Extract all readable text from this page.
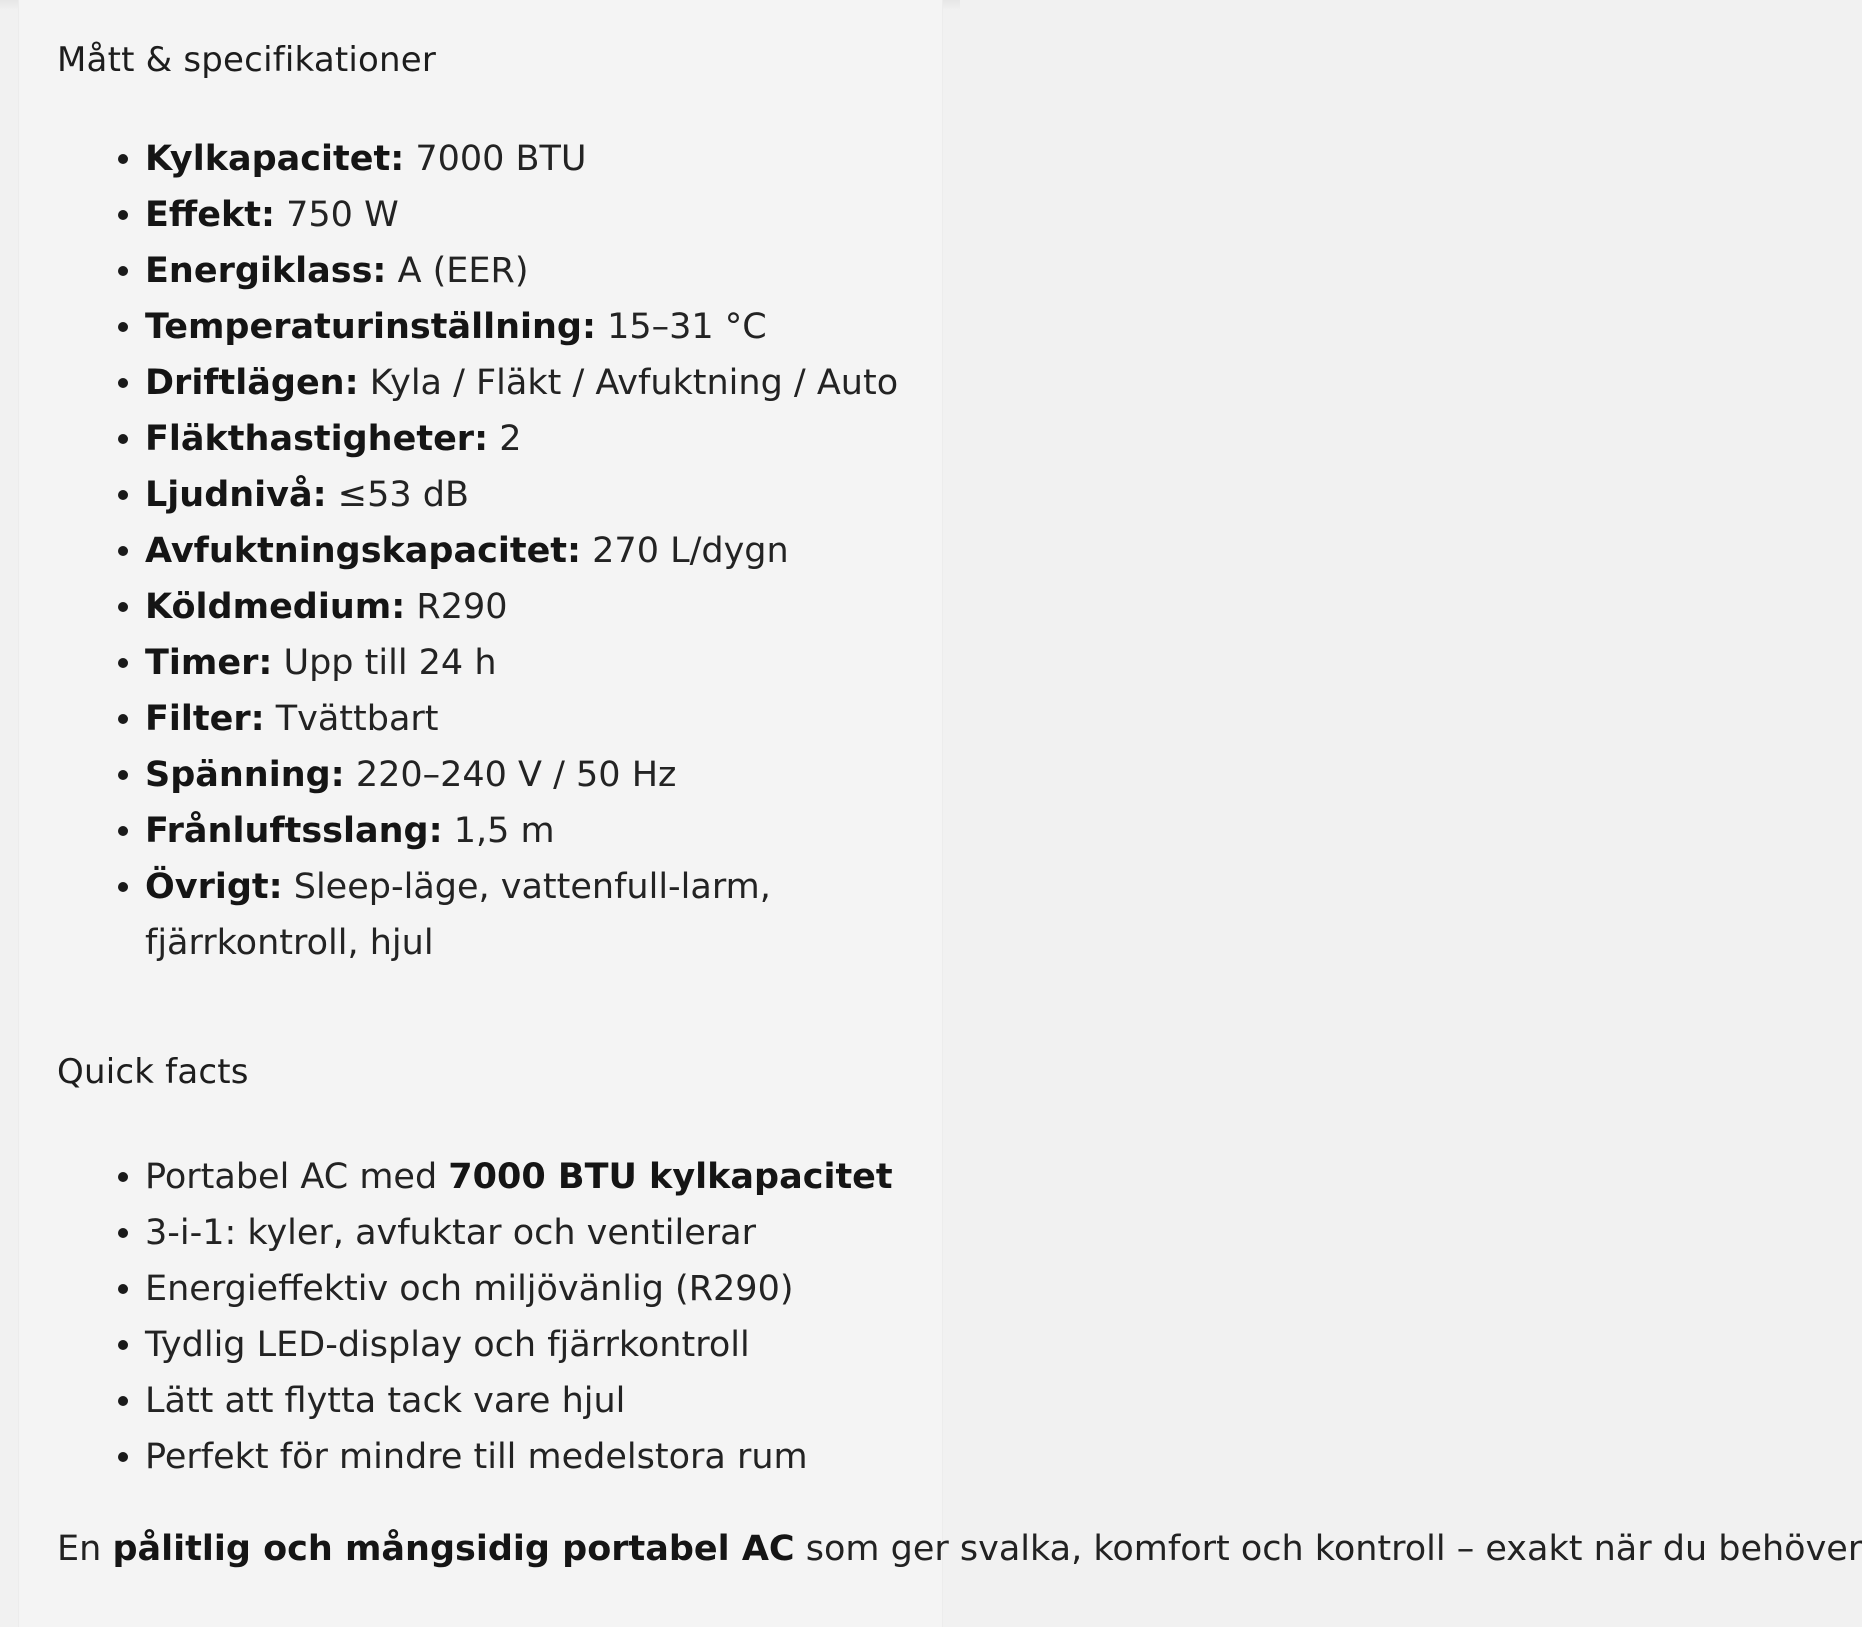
Mått & specifikationer
Kylkapacitet: 7000 BTU
Effekt: 750 W
Energiklass: A (EER)
Temperaturinställning: 15–31 °C
Driftlägen: Kyla / Fläkt / Avfuktning / Auto
Fläkthastigheter: 2
Ljudnivå: ≤53 dB
Avfuktningskapacitet: 270 L/dygn
Köldmedium: R290
Timer: Upp till 24 h
Filter: Tvättbart
Spänning: 220–240 V / 50 Hz
Frånluftsslang: 1,5 m
Övrigt: Sleep-läge, vattenfull-larm, fjärrkontroll, hjul
Quick facts
Portabel AC med 7000 BTU kylkapacitet
3-i-1: kyler, avfuktar och ventilerar
Energieffektiv och miljövänlig (R290)
Tydlig LED-display och fjärrkontroll
Lätt att flytta tack vare hjul
Perfekt för mindre till medelstora rum

En pålitlig och mångsidig portabel AC som ger svalka, komfort och kontroll – exakt när du behöver
